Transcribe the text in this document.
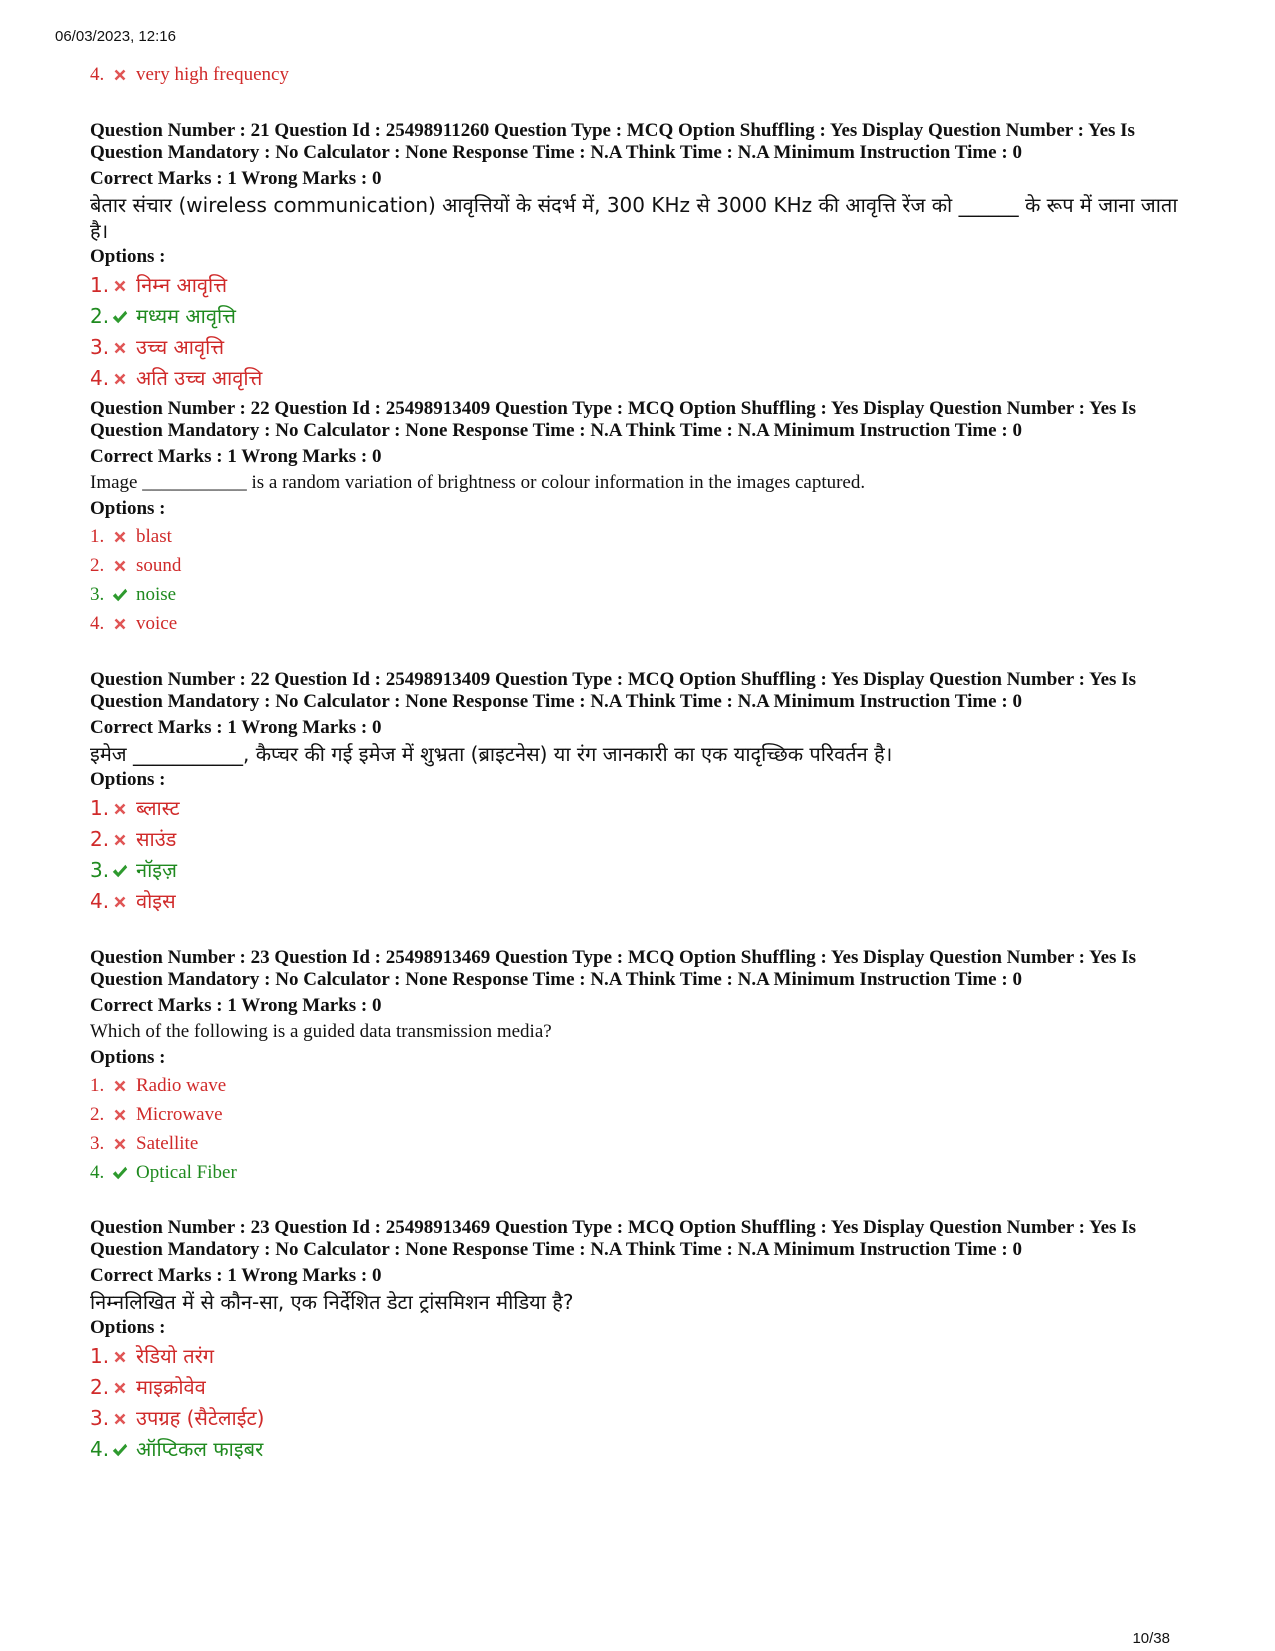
06/03/2023, 12:16
4.	very high frequency
Question Number : 21 Question Id : 25498911260 Question Type : MCQ Option Shuffling : Yes Display Question Number : Yes Is
Question Mandatory : No Calculator : None Response Time : N.A Think Time : N.A Minimum Instruction Time : 0
Correct Marks : 1 Wrong Marks : 0
बेतार संचार (wireless communication) आवृत्तियों के संदर्भ में, 300 KHz से 3000 KHz की आवृत्ति रेंज को ______ के रूप में जाना जाता है।
Options :
1. निम्न आवृत्ति
2. मध्यम आवृत्ति
3. उच्च आवृत्ति
4. अति उच्च आवृत्ति
Question Number : 22 Question Id : 25498913409 Question Type : MCQ Option Shuffling : Yes Display Question Number : Yes Is
Question Mandatory : No Calculator : None Response Time : N.A Think Time : N.A Minimum Instruction Time : 0
Correct Marks : 1 Wrong Marks : 0
Image ___________ is a random variation of brightness or colour information in the images captured.
Options :
1.	blast
2.	sound
3.	noise
4.	voice
Question Number : 22 Question Id : 25498913409 Question Type : MCQ Option Shuffling : Yes Display Question Number : Yes Is
Question Mandatory : No Calculator : None Response Time : N.A Think Time : N.A Minimum Instruction Time : 0
Correct Marks : 1 Wrong Marks : 0
इमेज ___________, कैप्चर की गई इमेज में शुभ्रता (ब्राइटनेस) या रंग जानकारी का एक यादृच्छिक परिवर्तन है।
Options :
1. ब्लास्ट
2. साउंड
3. नॉइज़
4. वोइस
Question Number : 23 Question Id : 25498913469 Question Type : MCQ Option Shuffling : Yes Display Question Number : Yes Is
Question Mandatory : No Calculator : None Response Time : N.A Think Time : N.A Minimum Instruction Time : 0
Correct Marks : 1 Wrong Marks : 0
Which of the following is a guided data transmission media?
Options :
1.	Radio wave
2.	Microwave
3.	Satellite
4.	Optical Fiber
Question Number : 23 Question Id : 25498913469 Question Type : MCQ Option Shuffling : Yes Display Question Number : Yes Is
Question Mandatory : No Calculator : None Response Time : N.A Think Time : N.A Minimum Instruction Time : 0
Correct Marks : 1 Wrong Marks : 0
निम्नलिखित में से कौन-सा, एक निर्देशित डेटा ट्रांसमिशन मीडिया है?
Options :
1. रेडियो तरंग
2. माइक्रोवेव
3. उपग्रह (सैटेलाईट)
4. ऑप्टिकल फाइबर
10/38
